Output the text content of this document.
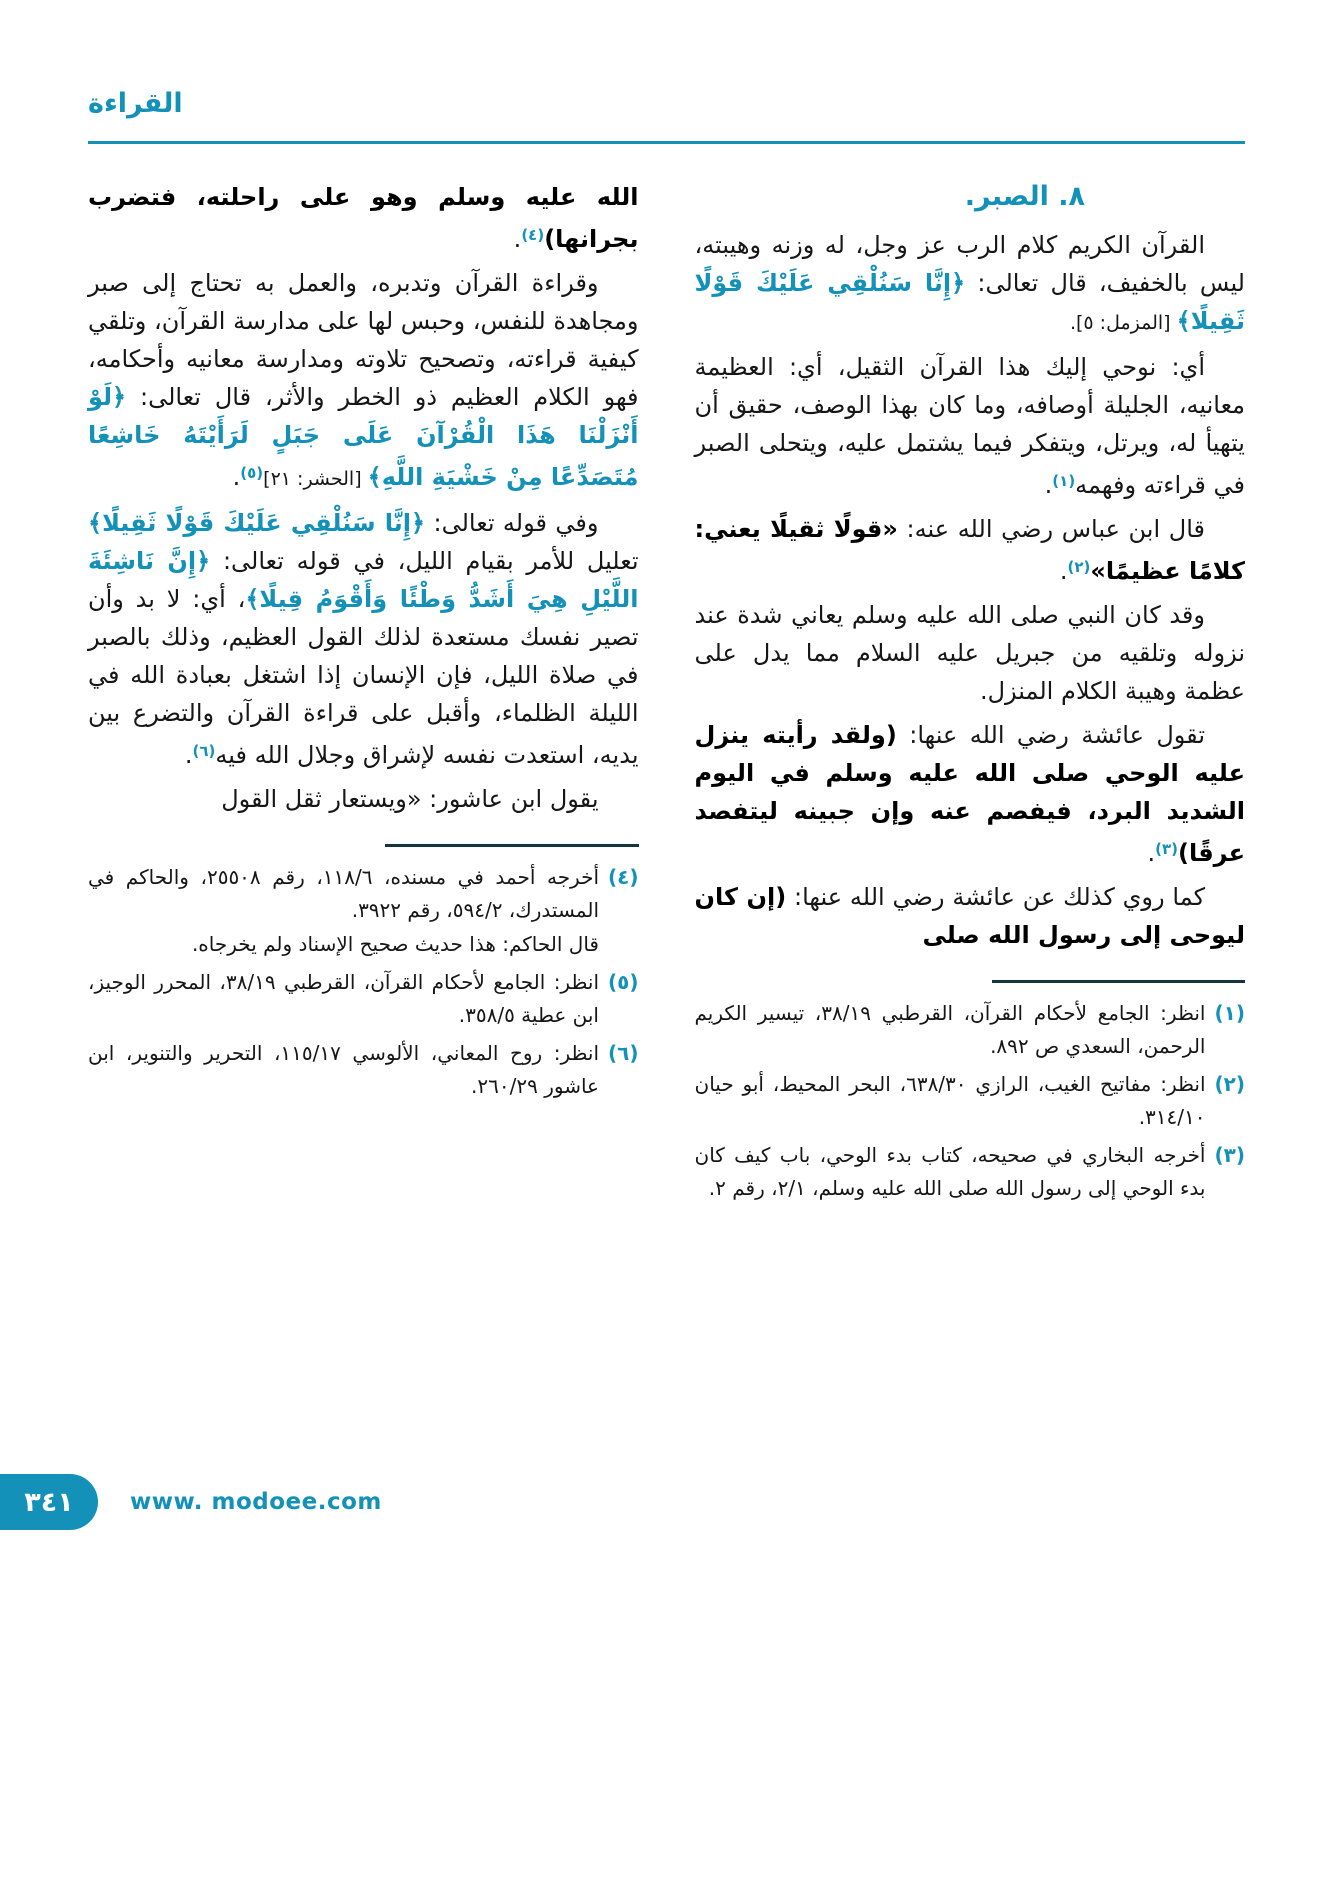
القراءة

٨. الصبر.

القرآن الكريم كلام الرب عز وجل، له وزنه وهيبته، ليس بالخفيف، قال تعالى: ﴿إِنَّا سَنُلْقِي عَلَيْكَ قَوْلًا ثَقِيلًا﴾ [المزمل: ٥].

أي: نوحي إليك هذا القرآن الثقيل، أي: العظيمة معانيه، الجليلة أوصافه، وما كان بهذا الوصف، حقيق أن يتهيأ له، ويرتل، ويتفكر فيما يشتمل عليه، ويتحلى الصبر في قراءته وفهمه$^{(١)}$.

قال ابن عباس رضي الله عنه: «قولًا ثقيلًا يعني: كلامًا عظيمًا»$^{(٢)}$.

وقد كان النبي صلى الله عليه وسلم يعاني شدة عند نزوله وتلقيه من جبريل عليه السلام مما يدل على عظمة وهيبة الكلام المنزل.

تقول عائشة رضي الله عنها: (ولقد رأيته ينزل عليه الوحي صلى الله عليه وسلم في اليوم الشديد البرد، فيفصم عنه وإن جبينه ليتفصد عرقًا)$^{(٣)}$.

كما روي كذلك عن عائشة رضي الله عنها: (إن كان ليوحى إلى رسول الله صلى

(١)
انظر: الجامع لأحكام القرآن، القرطبي ٣٨/١٩، تيسير الكريم الرحمن، السعدي ص ٨٩٢.
(٢)
انظر: مفاتيح الغيب، الرازي ٦٣٨/٣٠، البحر المحيط، أبو حيان ٣١٤/١٠.
(٣)
أخرجه البخاري في صحيحه، كتاب بدء الوحي، باب كيف كان بدء الوحي إلى رسول الله صلى الله عليه وسلم، ٢/١، رقم ٢.

الله عليه وسلم وهو على راحلته، فتضرب بجرانها)$^{(٤)}$.

وقراءة القرآن وتدبره، والعمل به تحتاج إلى صبر ومجاهدة للنفس، وحبس لها على مدارسة القرآن، وتلقي كيفية قراءته، وتصحيح تلاوته ومدارسة معانيه وأحكامه، فهو الكلام العظيم ذو الخطر والأثر، قال تعالى: ﴿لَوْ أَنْزَلْنَا هَذَا الْقُرْآنَ عَلَى جَبَلٍ لَرَأَيْتَهُ خَاشِعًا مُتَصَدِّعًا مِنْ خَشْيَةِ اللَّهِ﴾ [الحشر: ٢١]$^{(٥)}$.

وفي قوله تعالى: ﴿إِنَّا سَنُلْقِي عَلَيْكَ قَوْلًا ثَقِيلًا﴾ تعليل للأمر بقيام الليل، في قوله تعالى: ﴿إِنَّ نَاشِئَةَ اللَّيْلِ هِيَ أَشَدُّ وَطْئًا وَأَقْوَمُ قِيلًا﴾، أي: لا بد وأن تصير نفسك مستعدة لذلك القول العظيم، وذلك بالصبر في صلاة الليل، فإن الإنسان إذا اشتغل بعبادة الله في الليلة الظلماء، وأقبل على قراءة القرآن والتضرع بين يديه، استعدت نفسه لإشراق وجلال الله فيه$^{(٦)}$.

يقول ابن عاشور: «ويستعار ثقل القول

(٤)
أخرجه أحمد في مسنده، ١١٨/٦، رقم ٢٥٥٠٨، والحاكم في المستدرك، ٥٩٤/٢، رقم ٣٩٢٢.
قال الحاكم: هذا حديث صحيح الإسناد ولم يخرجاه.
(٥)
انظر: الجامع لأحكام القرآن، القرطبي ٣٨/١٩، المحرر الوجيز، ابن عطية ٣٥٨/٥.
(٦)
انظر: روح المعاني، الألوسي ١١٥/١٧، التحرير والتنوير، ابن عاشور ٢٦٠/٢٩.
٣٤١ www. modoee.com
